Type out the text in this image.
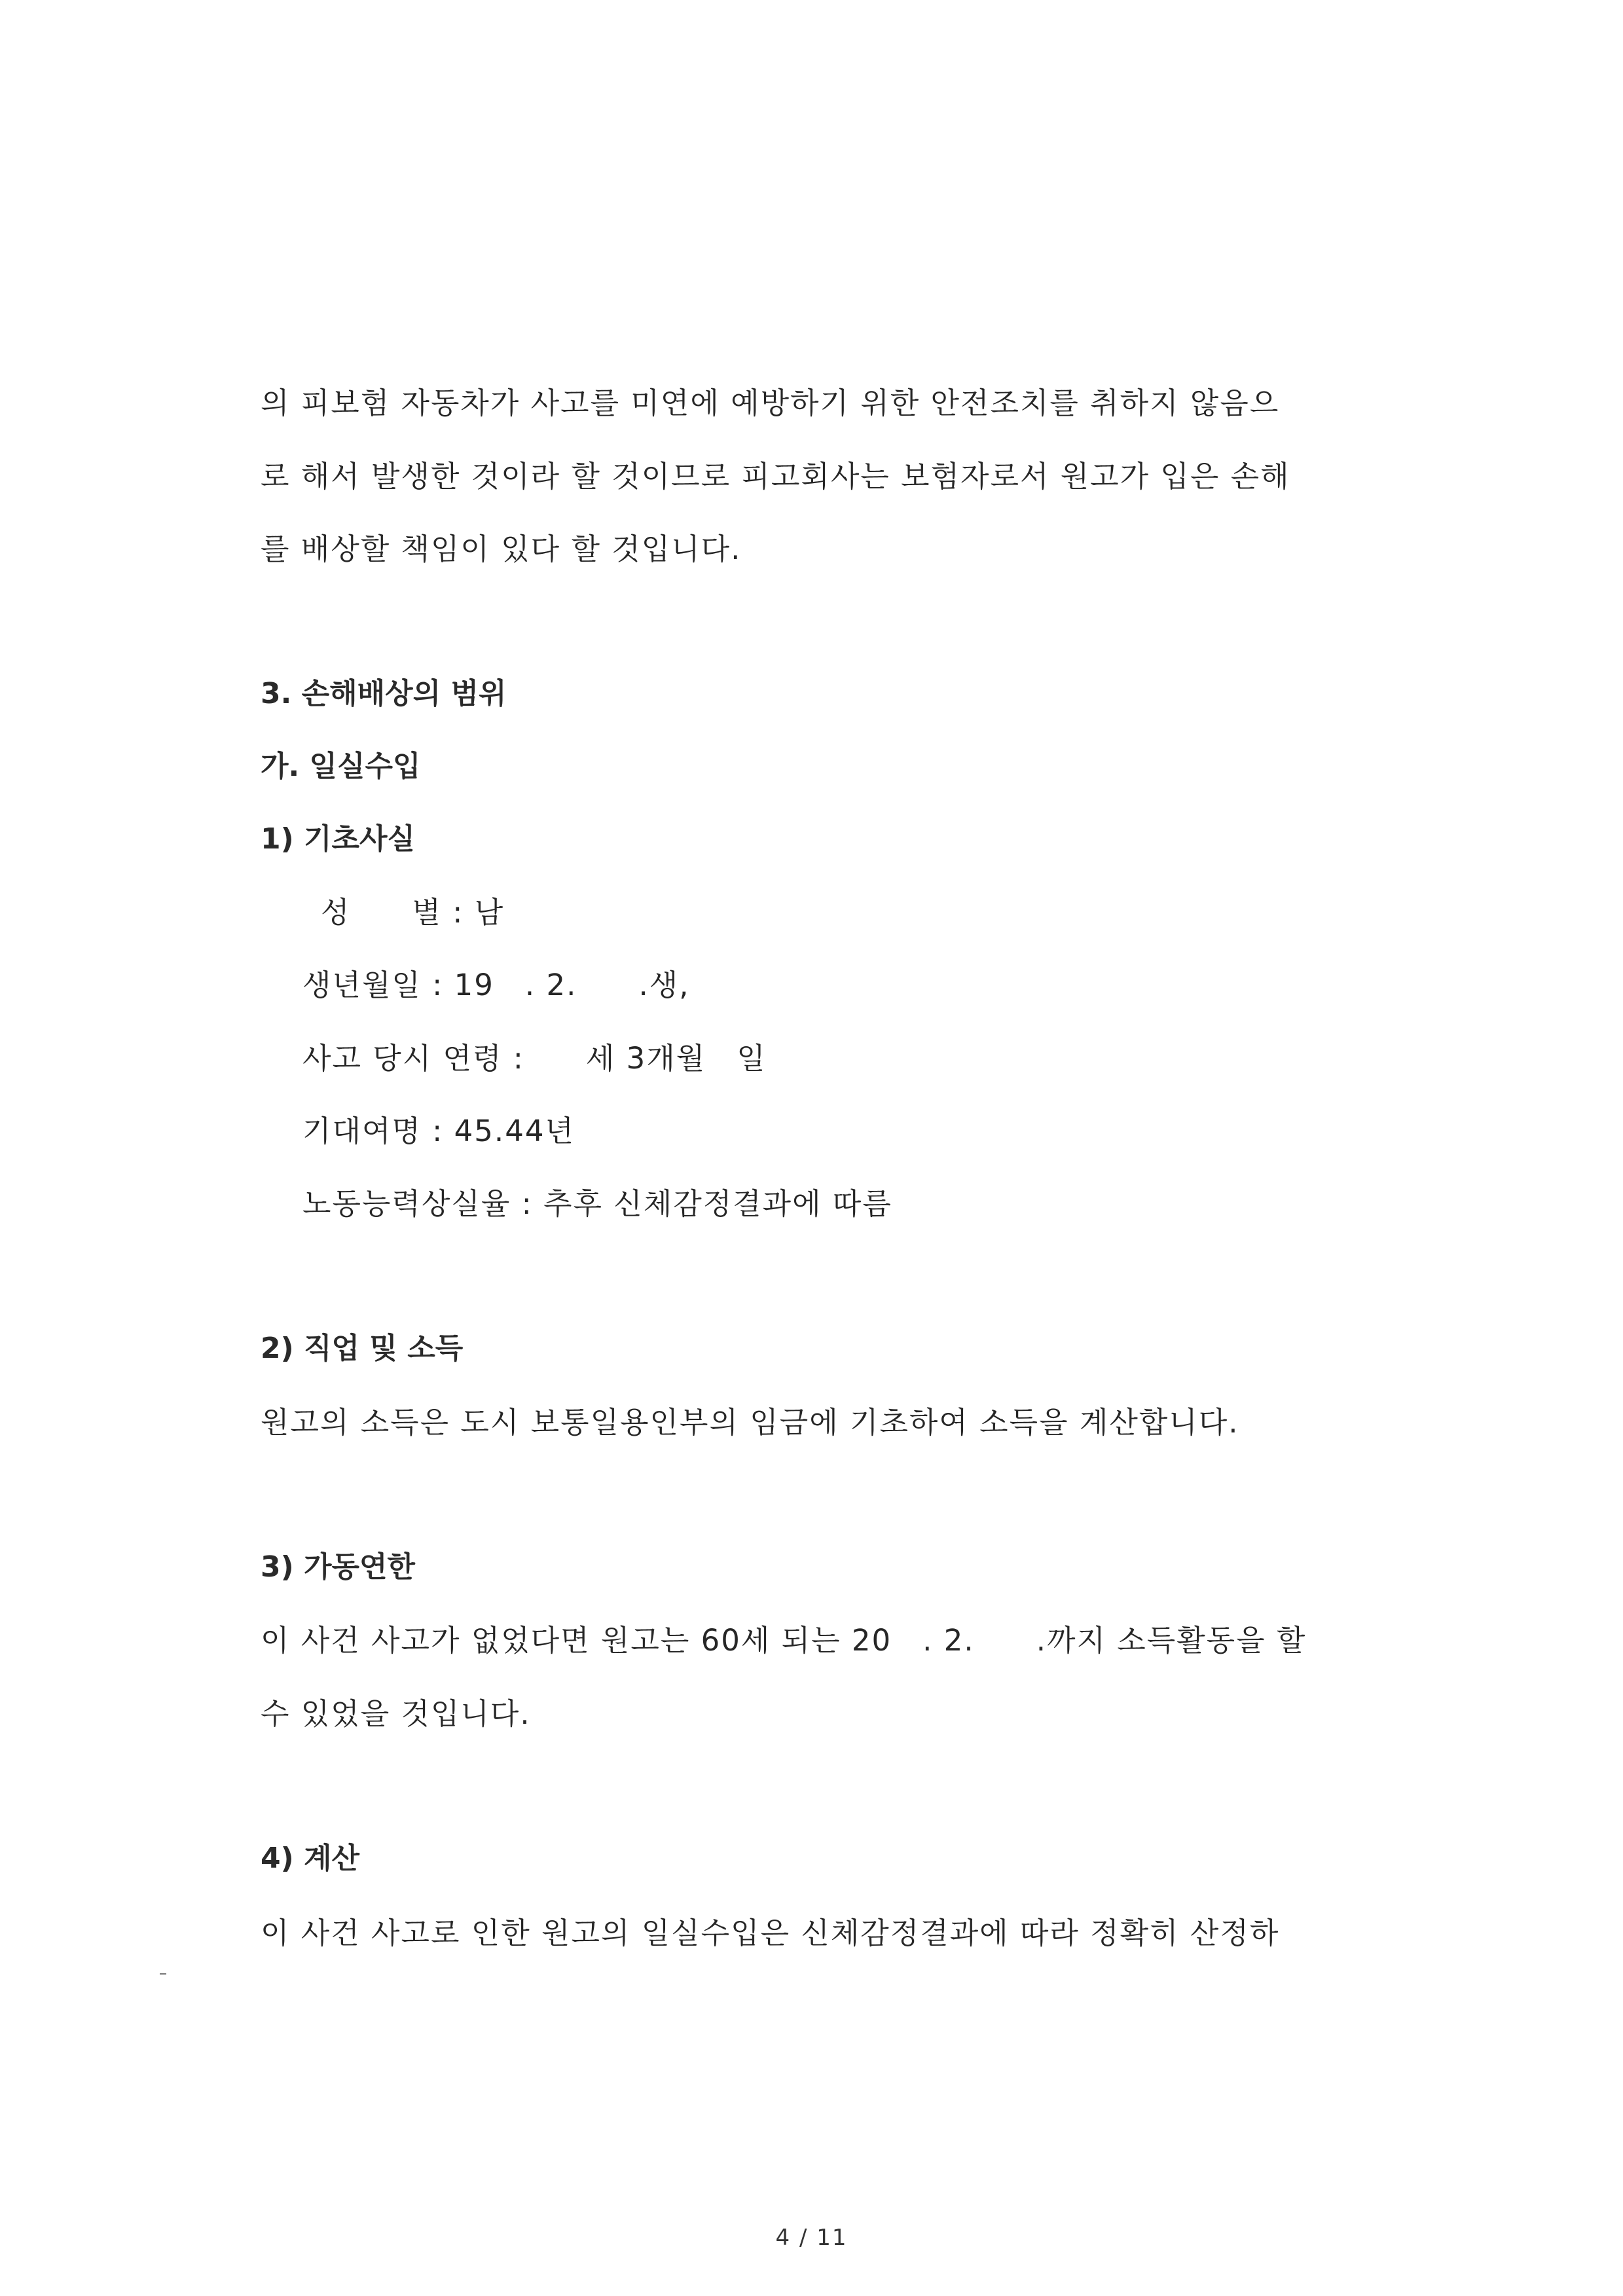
의 피보험 자동차가 사고를 미연에 예방하기 위한 안전조치를 취하지 않음으
로 해서 발생한 것이라 할 것이므로 피고회사는 보험자로서 원고가 입은 손해
를 배상할 책임이 있다 할 것입니다.
3. 손해배상의 범위
가. 일실수입
1) 기초사실
성　　별 : 남
생년월일 : 19　. 2.　　.생,
사고 당시 연령 :　　세 3개월　일
기대여명 : 45.44년
노동능력상실율 : 추후 신체감정결과에 따름
2) 직업 및 소득
원고의 소득은 도시 보통일용인부의 임금에 기초하여 소득을 계산합니다.
3) 가동연한
이 사건 사고가 없었다면 원고는 60세 되는 20　. 2.　　.까지 소득활동을 할
수 있었을 것입니다.
4) 계산
이 사건 사고로 인한 원고의 일실수입은 신체감정결과에 따라 정확히 산정하
4 / 11
